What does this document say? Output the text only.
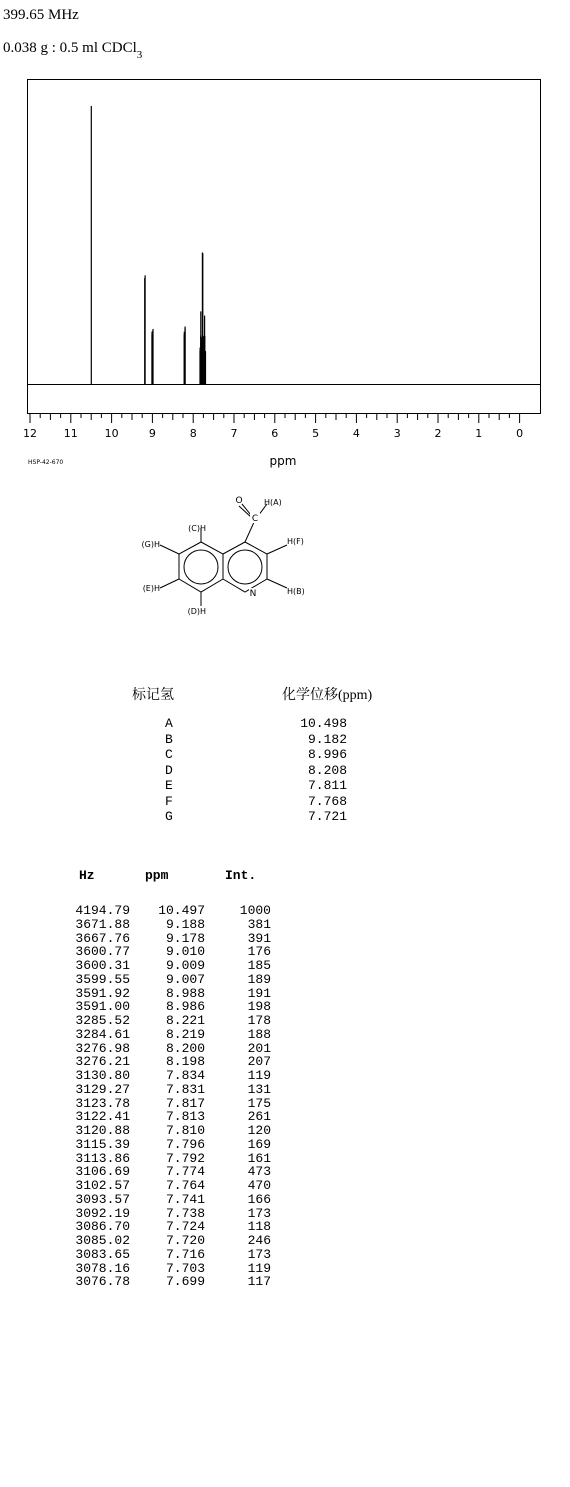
399.65 MHz
0.038 g : 0.5 ml CDCl$_3$
12 11 10	9	8	7	6	5	4	3	2	1	0
HSP-42-670	ppm
C
O
N
H(A)
H(B)
(C)H
(D)H
(E)H
H(F)
(G)H
标记氢	化学位移(ppm)
A	10.498
B	9.182
C	8.996
D	8.208
E	7.811
F	7.768
G	7.721
Hz	ppm	Int.
4194.79	10.497	1000
3671.88	9.188	381
3667.76	9.178	391
3600.77	9.010	176
3600.31	9.009	185
3599.55	9.007	189
3591.92	8.988	191
3591.00	8.986	198
3285.52	8.221	178
3284.61	8.219	188
3276.98	8.200	201
3276.21	8.198	207
3130.80	7.834	119
3129.27	7.831	131
3123.78	7.817	175
3122.41	7.813	261
3120.88	7.810	120
3115.39	7.796	169
3113.86	7.792	161
3106.69	7.774	473
3102.57	7.764	470
3093.57	7.741	166
3092.19	7.738	173
3086.70	7.724	118
3085.02	7.720	246
3083.65	7.716	173
3078.16	7.703	119
3076.78	7.699	117
